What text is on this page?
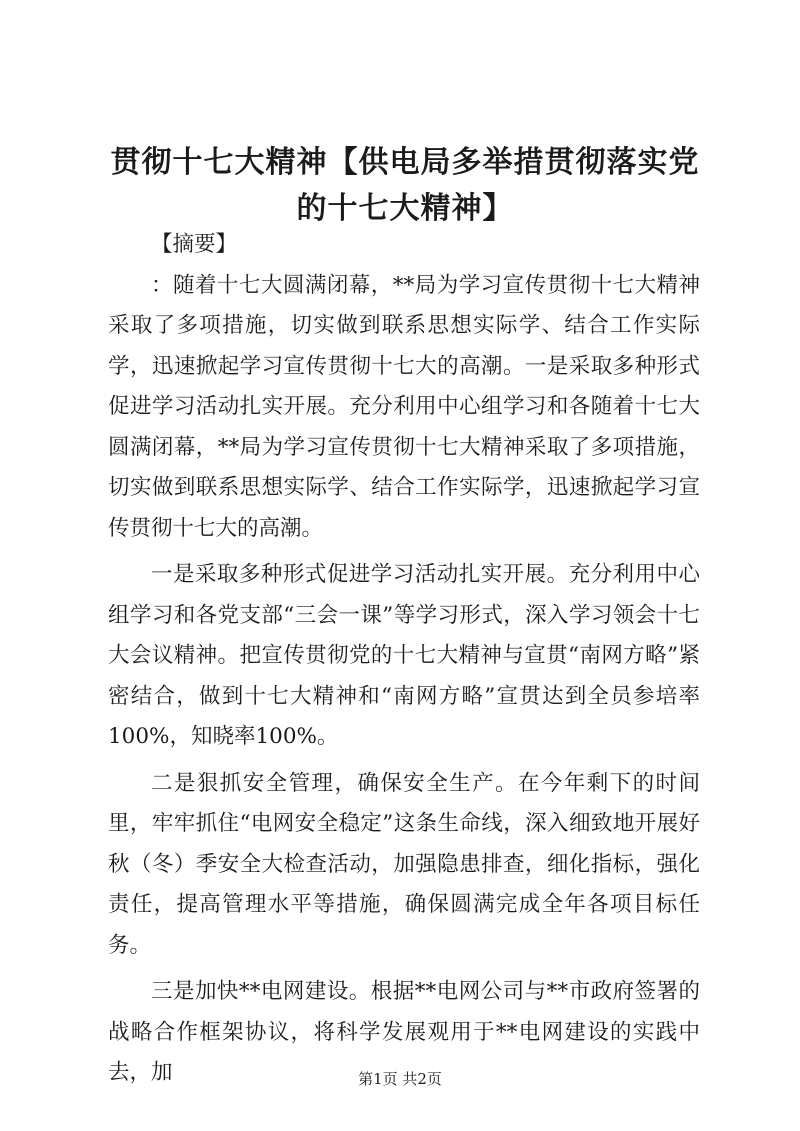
贯彻十七大精神【供电局多举措贯彻落实党的十七大精神】

【摘要】

：随着十七大圆满闭幕，**局为学习宣传贯彻十七大精神采取了多项措施，切实做到联系思想实际学、结合工作实际学，迅速掀起学习宣传贯彻十七大的高潮。一是采取多种形式促进学习活动扎实开展。充分利用中心组学习和各随着十七大圆满闭幕，**局为学习宣传贯彻十七大精神采取了多项措施，切实做到联系思想实际学、结合工作实际学，迅速掀起学习宣传贯彻十七大的高潮。

一是采取多种形式促进学习活动扎实开展。充分利用中心组学习和各党支部“三会一课”等学习形式，深入学习领会十七大会议精神。把宣传贯彻党的十七大精神与宣贯“南网方略”紧密结合，做到十七大精神和“南网方略”宣贯达到全员参培率100%，知晓率100%。

二是狠抓安全管理，确保安全生产。在今年剩下的时间里，牢牢抓住“电网安全稳定”这条生命线，深入细致地开展好秋（冬）季安全大检查活动，加强隐患排查，细化指标，强化责任，提高管理水平等措施，确保圆满完成全年各项目标任务。

三是加快**电网建设。根据**电网公司与**市政府签署的战略合作框架协议，将科学发展观用于**电网建设的实践中去，加	第1页 共2页
